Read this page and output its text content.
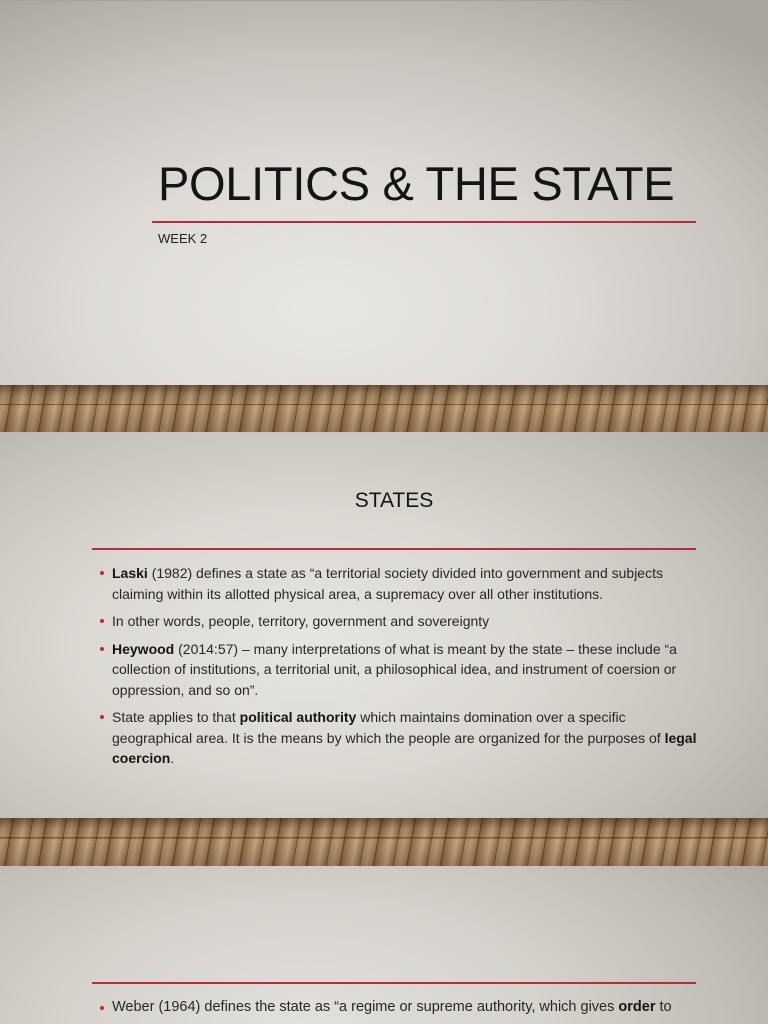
POLITICS & THE STATE
WEEK 2
STATES
Laski (1982) defines a state as “a territorial society divided into government and subjects claiming within its allotted physical area, a supremacy over all other institutions.
In other words, people, territory, government and sovereignty
Heywood (2014:57) – many interpretations of what is meant by the state – these include “a collection of institutions, a territorial unit, a philosophical idea, and instrument of coersion or oppression, and so on”.
State applies to that political authority which maintains domination over a specific geographical area. It is the means by which the people are organized for the purposes of legal coercion.
Weber (1964) defines the state as “a regime or supreme authority, which gives order to
